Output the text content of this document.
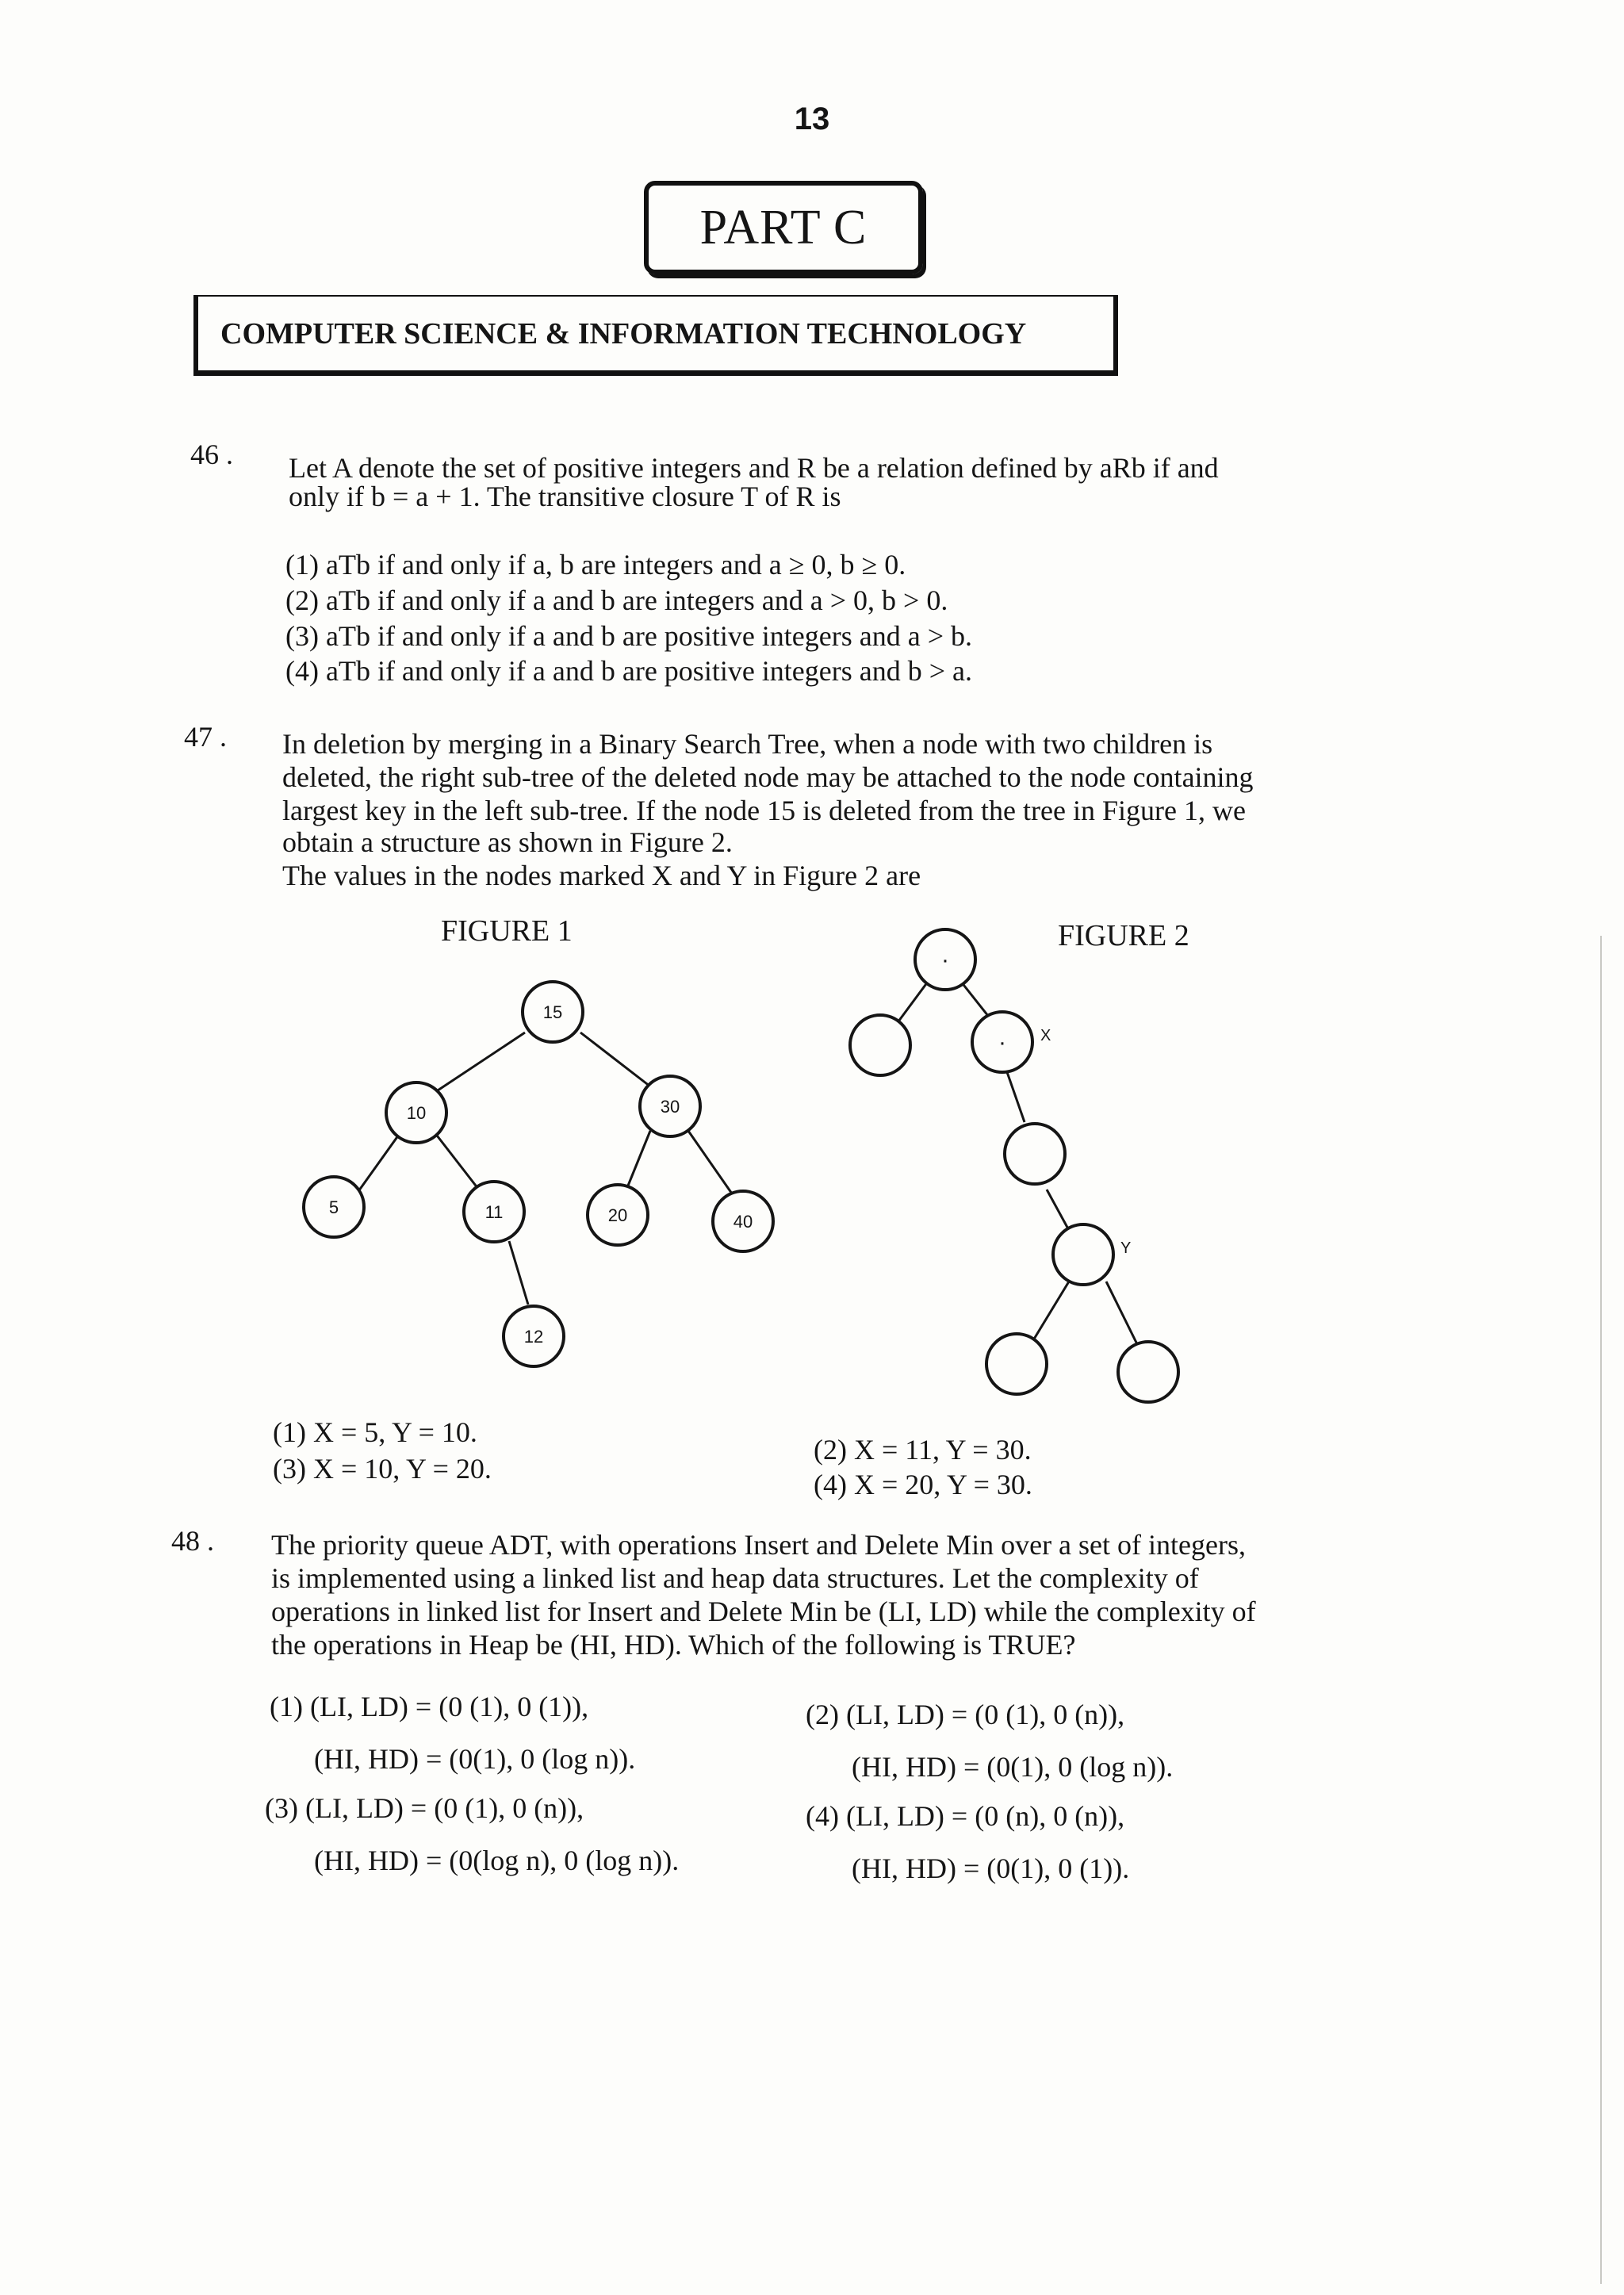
13
PART C
COMPUTER SCIENCE & INFORMATION TECHNOLOGY
46 . Let A denote the set of positive integers and R be a relation defined by aRb if and
only if b = a + 1. The transitive closure T of R is
(1) aTb if and only if a, b are integers and a ≥ 0, b ≥ 0.
(2) aTb if and only if a and b are integers and a > 0, b > 0.
(3) aTb if and only if a and b are positive integers and a > b.
(4) aTb if and only if a and b are positive integers and b > a.
47 . In deletion by merging in a Binary Search Tree, when a node with two children is
deleted, the right sub-tree of the deleted node may be attached to the node containing
largest key in the left sub-tree. If the node 15 is deleted from the tree in Figure 1, we
obtain a structure as shown in Figure 2.
The values in the nodes marked X and Y in Figure 2 are
FIGURE 1	FIGURE 2
15
10	30
5	11	20	40
12
·
· X
Y
(1) X = 5, Y = 10.
(2) X = 11, Y = 30.
(3) X = 10, Y = 20.	(4) X = 20, Y = 30.
48 . The priority queue ADT, with operations Insert and Delete Min over a set of integers,
is implemented using a linked list and heap data structures. Let the complexity of
operations in linked list for Insert and Delete Min be (LI, LD) while the complexity of
the operations in Heap be (HI, HD). Which of the following is TRUE?
(1) (LI, LD) = (0 (1), 0 (1)),
(HI, HD) = (0(1), 0 (log n)).
(2) (LI, LD) = (0 (1), 0 (n)),
(HI, HD) = (0(1), 0 (log n)).
(3) (LI, LD) = (0 (1), 0 (n)),
(HI, HD) = (0(log n), 0 (log n)).
(4) (LI, LD) = (0 (n), 0 (n)),
(HI, HD) = (0(1), 0 (1)).
